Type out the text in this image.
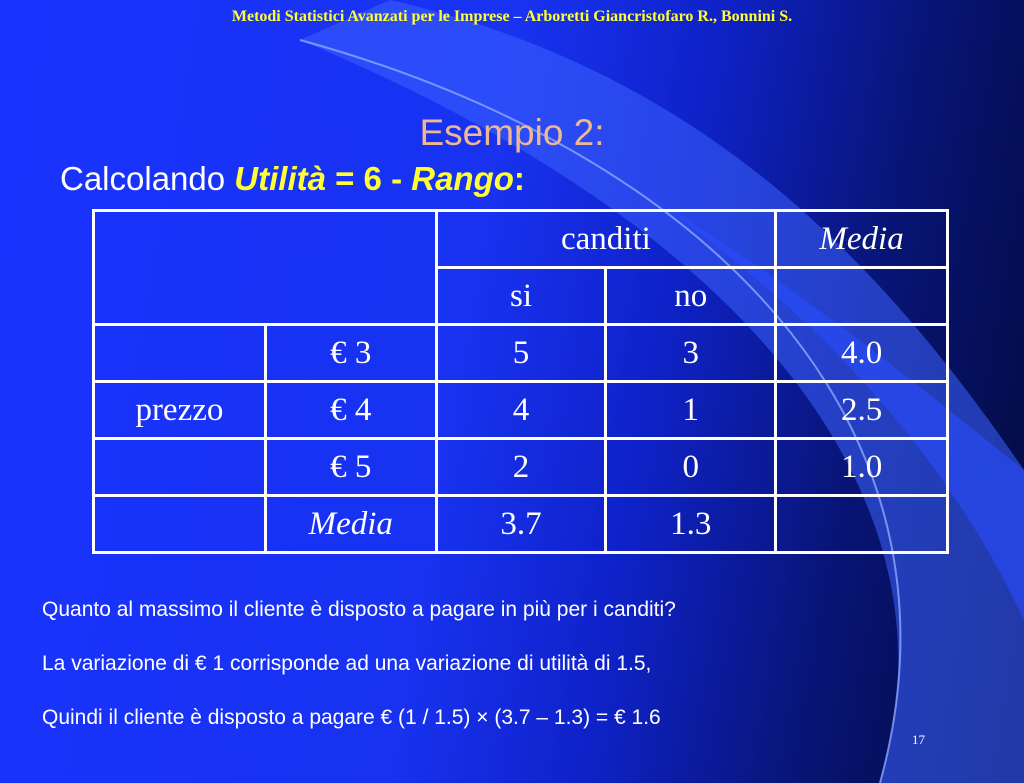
Metodi Statistici Avanzati per le Imprese – Arboretti Giancristofaro R., Bonnini S.
Esempio 2:
Calcolando Utilità = 6 - Rango:
		canditi		Media
		si	no	
	€ 3	5	3	4.0
prezzo	€ 4	4	1	2.5
	€ 5	2	0	1.0
	Media	3.7	1.3	
Quanto al massimo il cliente è disposto a pagare in più per i canditi?
La variazione di € 1 corrisponde ad una variazione di utilità di 1.5,
Quindi il cliente è disposto a pagare € (1 / 1.5) × (3.7 – 1.3) = € 1.6
17
